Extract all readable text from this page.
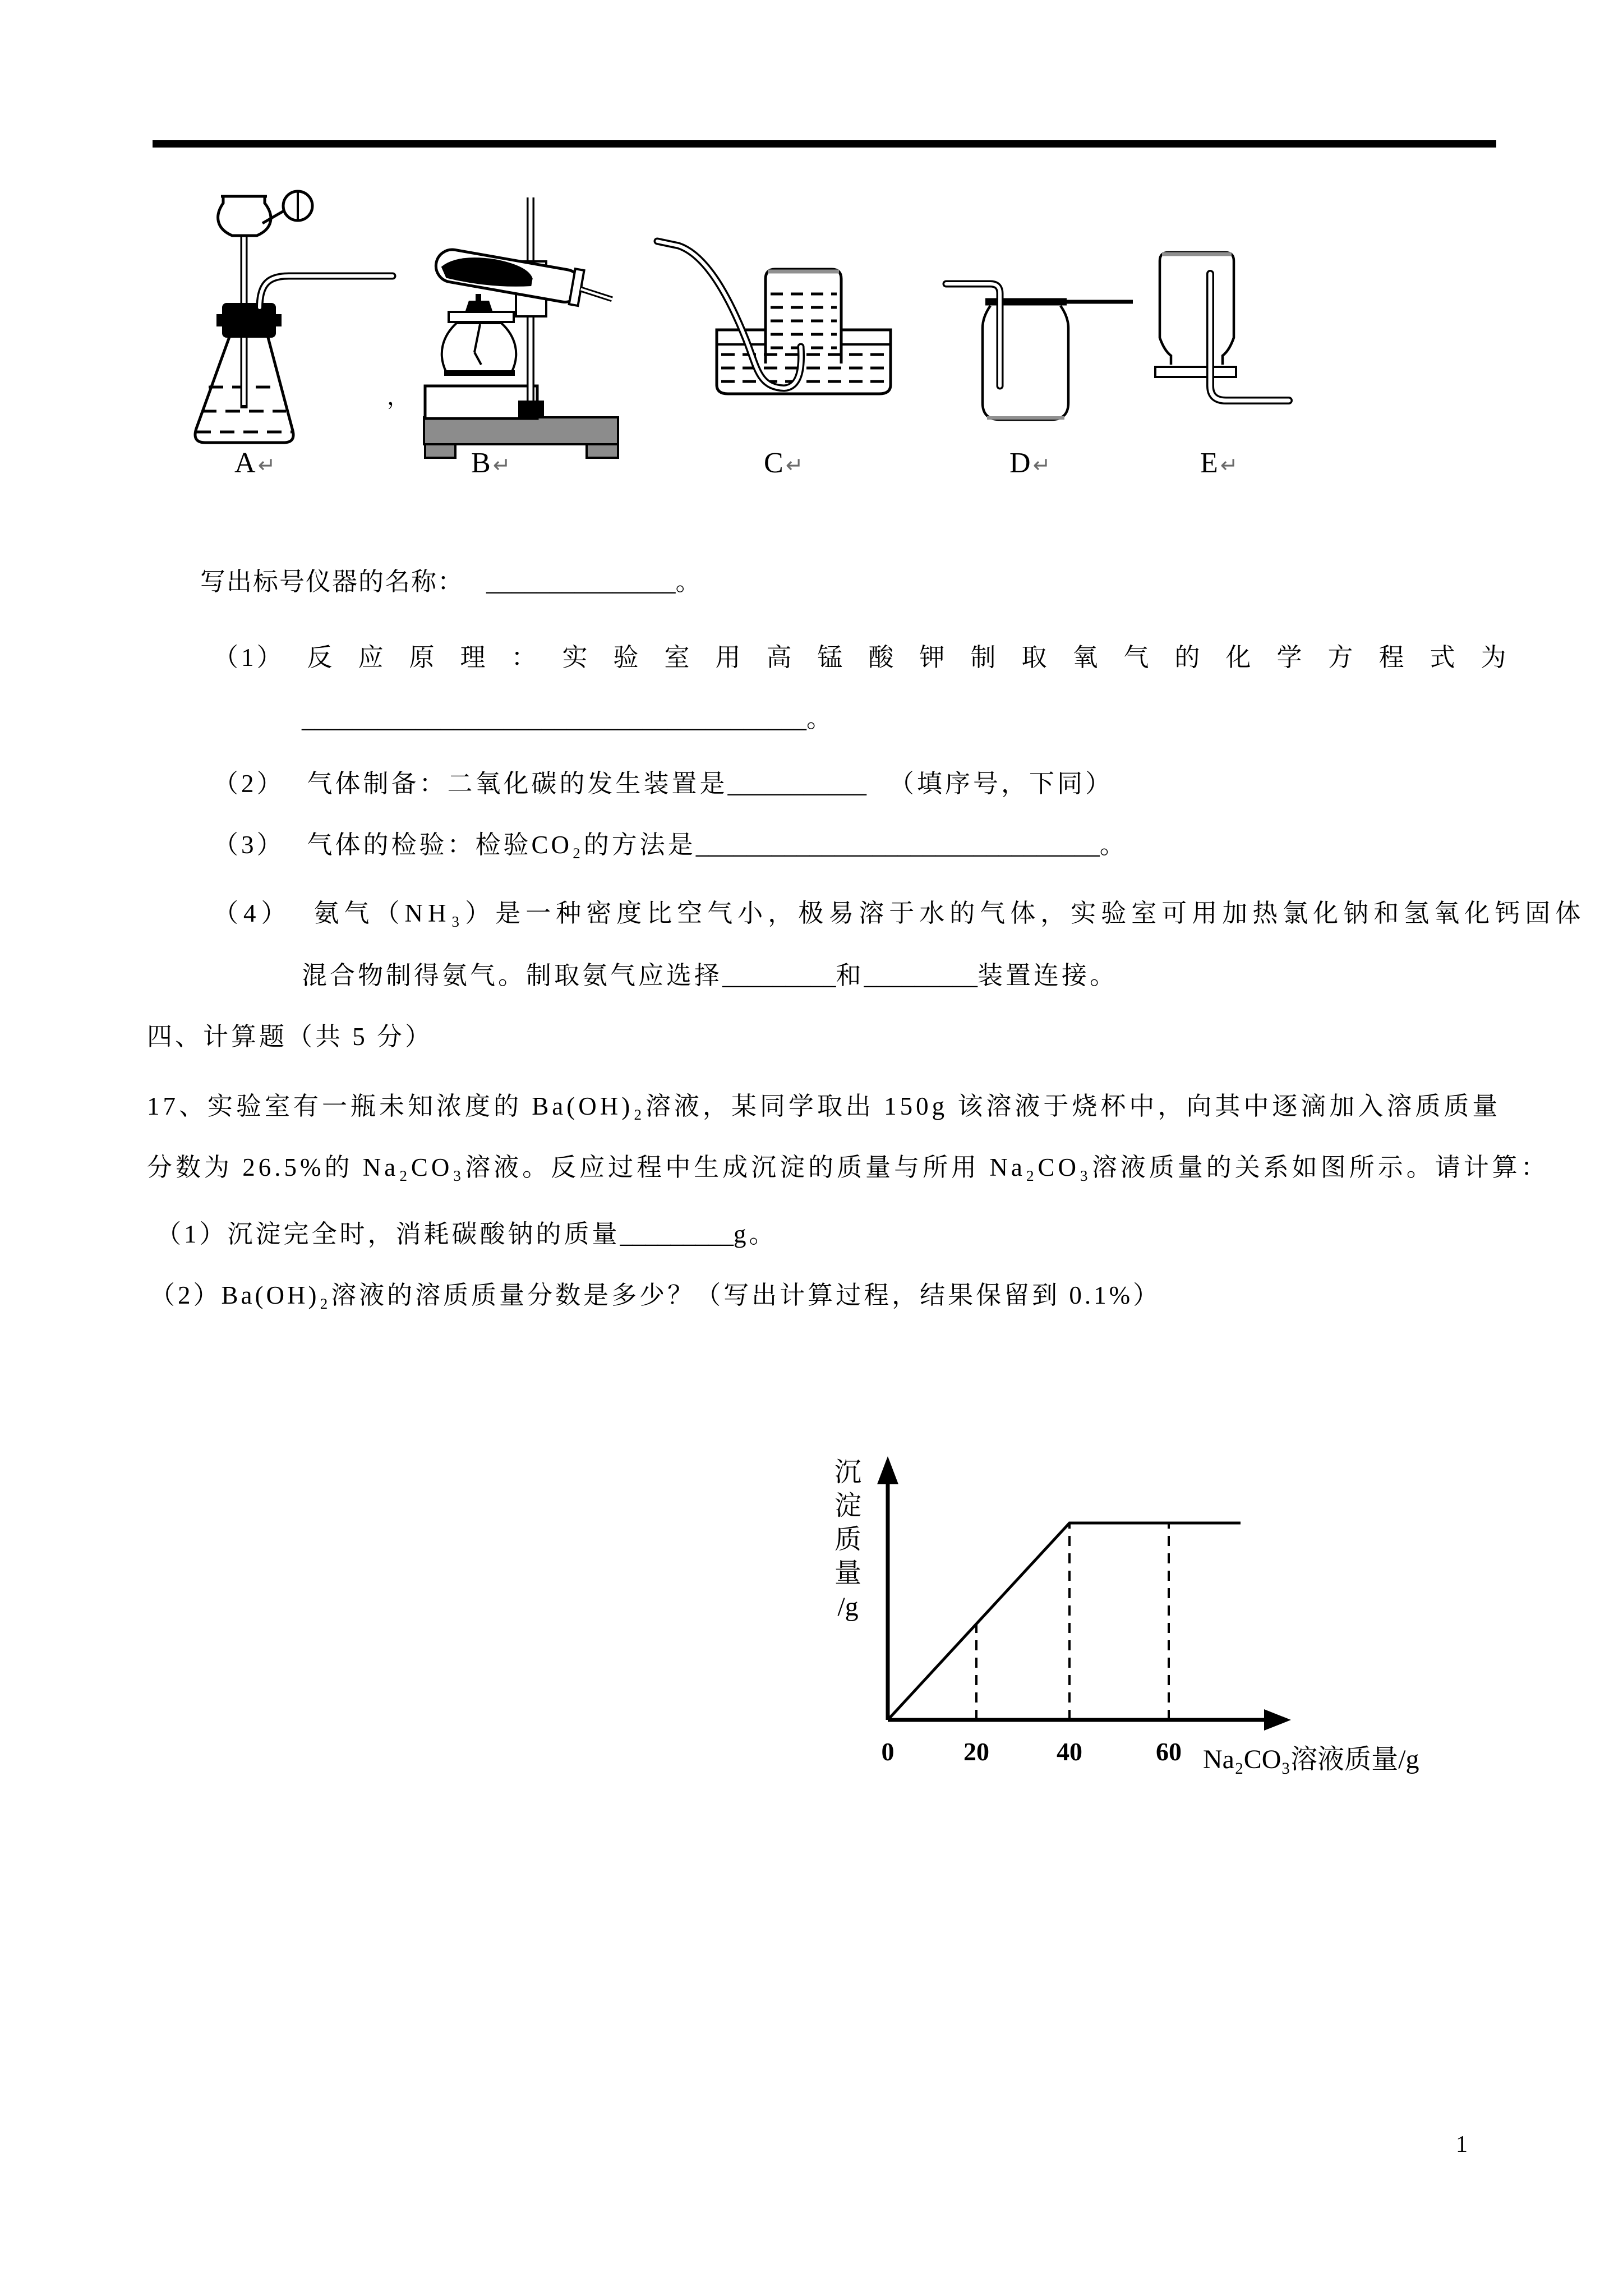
A ↵	B ↵	C ↵	D ↵	E ↵
，

写出标号仪器的名称： _______________。

（1） 反应原理：实验室用高锰酸钾制取氧气的化学方程式为

________________________________________。

（2） 气体制备：二氧化碳的发生装置是___________ （填序号，下同）

（3） 气体的检验：检验CO₂的方法是________________________________。

（4） 氨气（NH₃）是一种密度比空气小，极易溶于水的气体，实验室可用加热氯化钠和氢氧化钙固体

混合物制得氨气。制取氨气应选择_________和_________装置连接。

四、计算题（共 5 分）

17、实验室有一瓶未知浓度的 Ba(OH)₂溶液，某同学取出 150g 该溶液于烧杯中，向其中逐滴加入溶质质量

分数为 26.5%的 Na₂CO₃溶液。反应过程中生成沉淀的质量与所用 Na₂CO₃溶液质量的关系如图所示。请计算：

（1）沉淀完全时，消耗碳酸钠的质量_________g。

（2）Ba(OH)₂溶液的溶质质量分数是多少？（写出计算过程，结果保留到 0.1%）

0	20	40	60 Na₂CO₃溶液质量/g
沉
淀
质
量
/g
1
